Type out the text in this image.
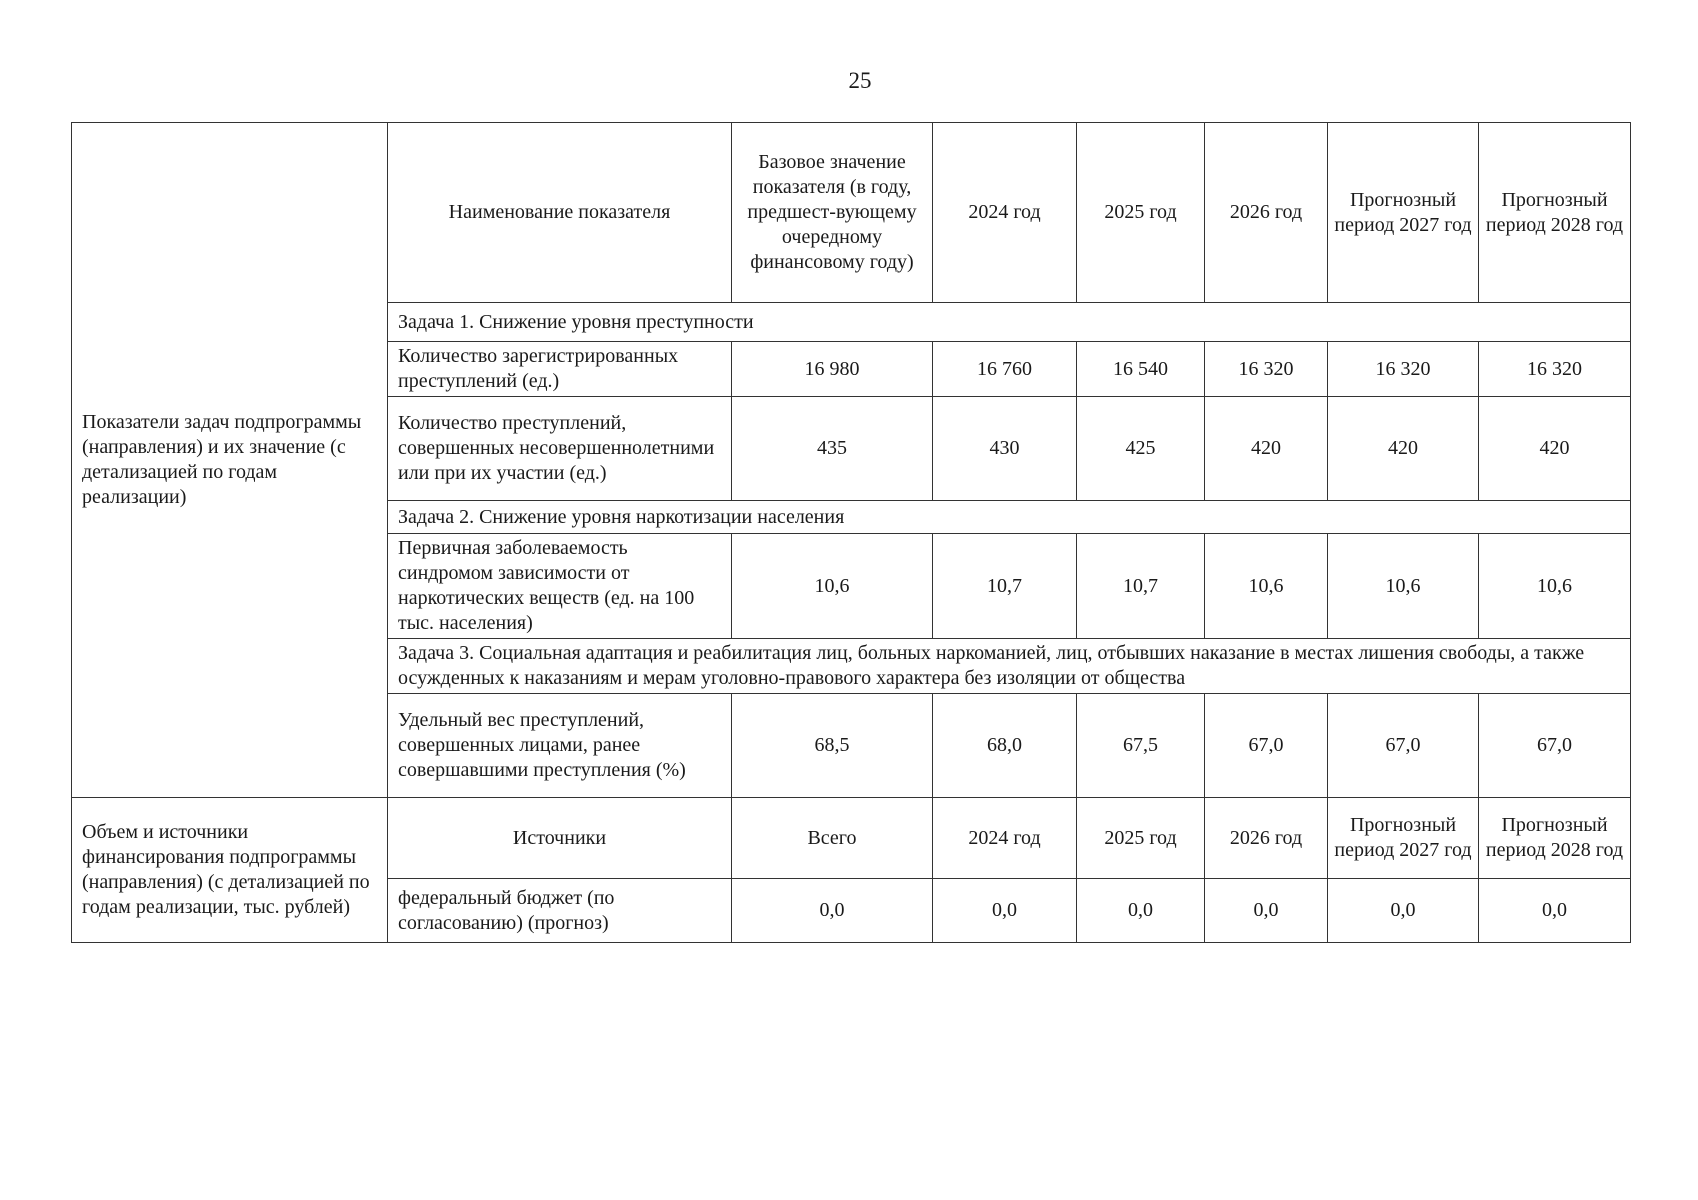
25
Показатели задач подпрограммы (направления) и их значение (с детализацией по годам реализации)	Наименование показателя	Базовое значение показателя (в году, предшест-вующему очередному финансовому году)	2024 год	2025 год	2026 год	Прогнозный период 2027 год	Прогнозный период 2028 год
	Задача 1. Снижение уровня преступности						
	Количество зарегистрированных преступлений (ед.)	16 980	16 760	16 540	16 320	16 320	16 320
	Количество преступлений, совершенных несовершеннолетними или при их участии (ед.)	435	430	425	420	420	420
	Задача 2. Снижение уровня наркотизации населения						
	Первичная заболеваемость синдромом зависимости от наркотических веществ (ед. на 100 тыс. населения)	10,6	10,7	10,7	10,6	10,6	10,6
	Задача 3. Социальная адаптация и реабилитация лиц, больных наркоманией, лиц, отбывших наказание в местах лишения свободы, а также осужденных к наказаниям и мерам уголовно-правового характера без изоляции от общества						
	Удельный вес преступлений, совершенных лицами, ранее совершавшими преступления (%)	68,5	68,0	67,5	67,0	67,0	67,0

Объем и источники финансирования подпрограммы (направления) (с детализацией по годам реализации, тыс. рублей)	Источники	Всего	2024 год	2025 год	2026 год	Прогнозный период 2027 год	Прогнозный период 2028 год
	федеральный бюджет (по согласованию) (прогноз)	0,0	0,0	0,0	0,0	0,0	0,0
